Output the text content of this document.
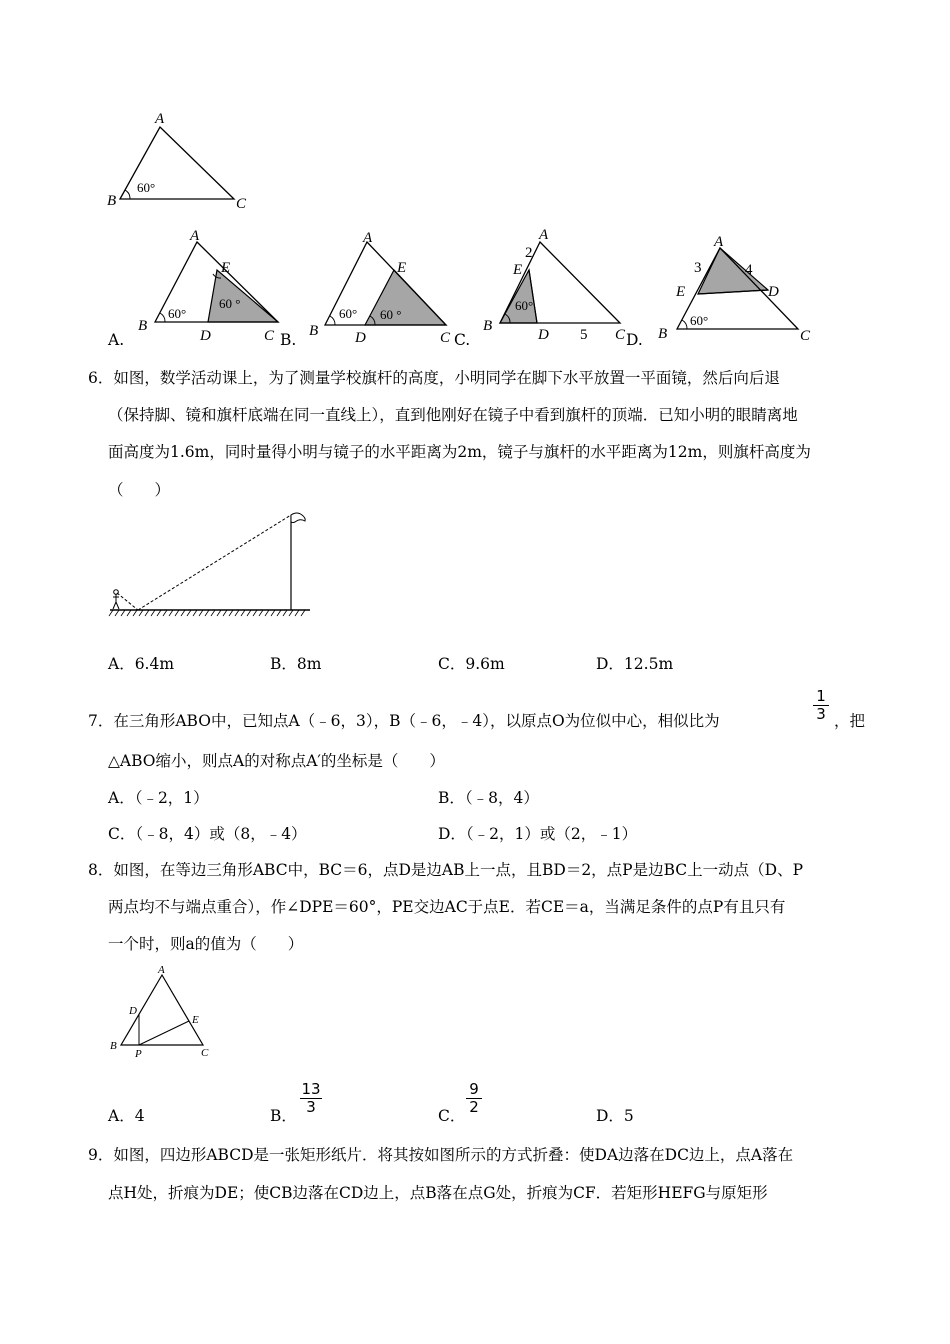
A
B	C
60°
A.
A
B
C
D
E
60°
60 °
B.
A
B	C
D
E
60° 60 °
C.
A
B
C
D
E
2
5
60°
D.
A
B	C
D
E
3	4
60°
6．如图，数学活动课上，为了测量学校旗杆的高度，小明同学在脚下水平放置一平面镜，然后向后退
（保持脚、镜和旗杆底端在同一直线上），直到他刚好在镜子中看到旗杆的顶端．已知小明的眼睛离地
面高度为1.6m，同时量得小明与镜子的水平距离为2m，镜子与旗杆的水平距离为12m，则旗杆高度为
（　　）
A．6.4m	B．8m	C．9.6m	D．12.5m
7．在三角形ABO中，已知点A（﹣6，3），B（﹣6，﹣4），以原点O为位似中心，相似比为
1
3 ，把
△ABO缩小，则点A的对称点A′的坐标是（　　）
A．（﹣2，1）	B．（﹣8，4）
C．（﹣8，4）或（8，﹣4）	D．（﹣2，1）或（2，﹣1）
8．如图，在等边三角形ABC中，BC＝6，点D是边AB上一点，且BD＝2，点P是边BC上一动点（D、P
两点均不与端点重合），作∠DPE＝60°，PE交边AC于点E．若CE＝a，当满足条件的点P有且只有
一个时，则a的值为（　　）
A
B
C
D
E
P
A．4	B．
13
3	C．
9
2	D．5
9．如图，四边形ABCD是一张矩形纸片．将其按如图所示的方式折叠：使DA边落在DC边上，点A落在
点H处，折痕为DE；使CB边落在CD边上，点B落在点G处，折痕为CF．若矩形HEFG与原矩形
